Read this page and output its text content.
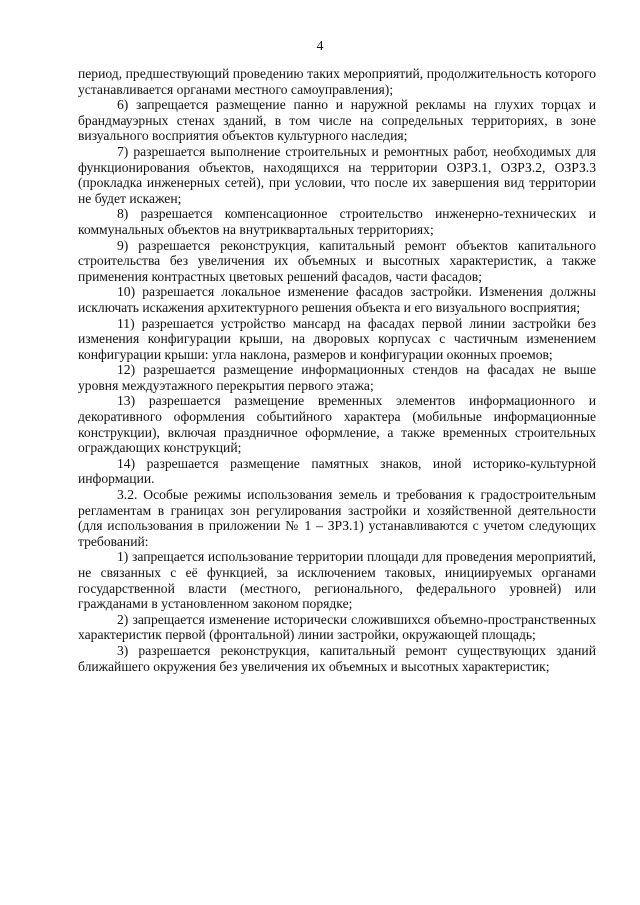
4

период, предшествующий проведению таких мероприятий, продолжительность которого устанавливается органами местного самоуправления);

6) запрещается размещение панно и наружной рекламы на глухих торцах и брандмауэрных стенах зданий, в том числе на сопредельных территориях, в зоне визуального восприятия объектов культурного наследия;

7) разрешается выполнение строительных и ремонтных работ, необходимых для функционирования объектов, находящихся на территории ОЗРЗ.1, ОЗРЗ.2, ОЗРЗ.3 (прокладка инженерных сетей), при условии, что после их завершения вид территории не будет искажен;

8) разрешается компенсационное строительство инженерно-технических и коммунальных объектов на внутриквартальных территориях;

9) разрешается реконструкция, капитальный ремонт объектов капитального строительства без увеличения их объемных и высотных характеристик, а также применения контрастных цветовых решений фасадов, части фасадов;

10) разрешается локальное изменение фасадов застройки. Изменения должны исключать искажения архитектурного решения объекта и его визуального восприятия;

11) разрешается устройство мансард на фасадах первой линии застройки без изменения конфигурации крыши, на дворовых корпусах с частичным изменением конфигурации крыши: угла наклона, размеров и конфигурации оконных проемов;

12) разрешается размещение информационных стендов на фасадах не выше уровня междуэтажного перекрытия первого этажа;

13) разрешается размещение временных элементов информационного и декоративного оформления событийного характера (мобильные информационные конструкции), включая праздничное оформление, а также временных строительных ограждающих конструкций;

14) разрешается размещение памятных знаков, иной историко-культурной информации.

3.2. Особые режимы использования земель и требования к градостроительным регламентам в границах зон регулирования застройки и хозяйственной деятельности (для использования в приложении № 1 – ЗРЗ.1) устанавливаются с учетом следующих требований:

1) запрещается использование территории площади для проведения мероприятий, не связанных с её функцией, за исключением таковых, инициируемых органами государственной власти (местного, регионального, федерального уровней) или гражданами в установленном законом порядке;

2) запрещается изменение исторически сложившихся объемно-пространственных характеристик первой (фронтальной) линии застройки, окружающей площадь;

3) разрешается реконструкция, капитальный ремонт существующих зданий ближайшего окружения без увеличения их объемных и высотных характеристик;
